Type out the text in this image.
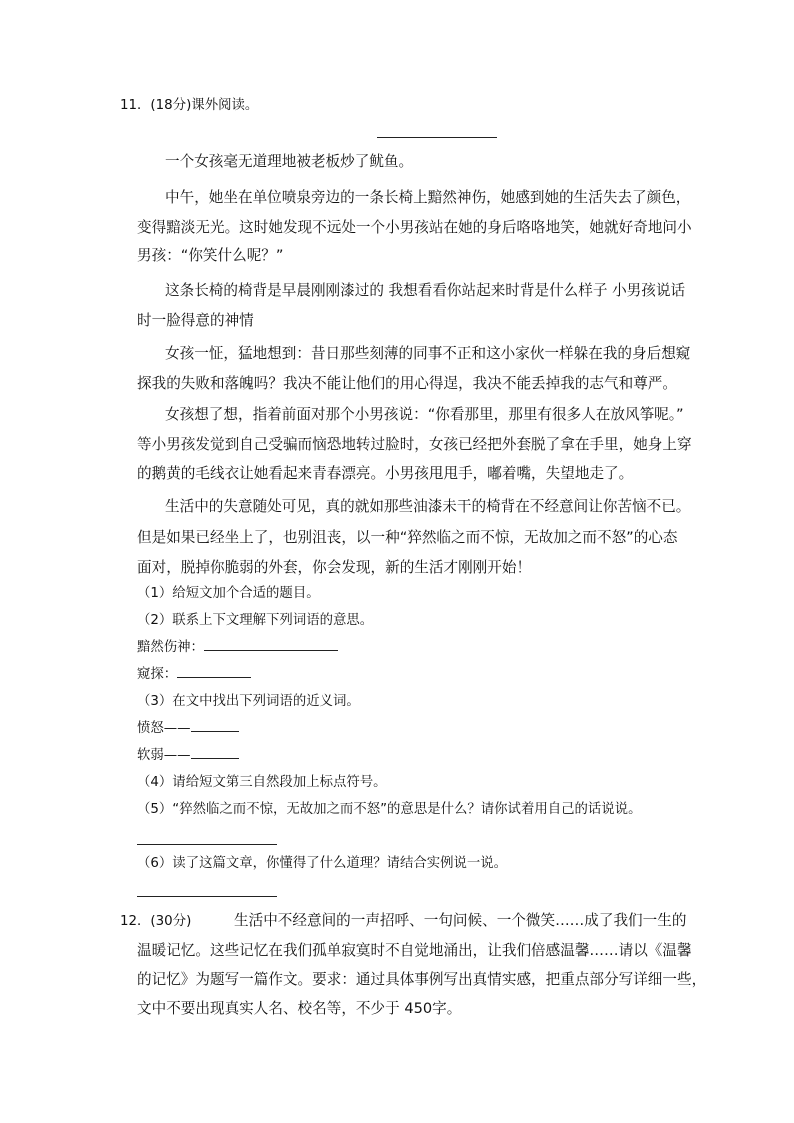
11．(18分)课外阅读。
一个女孩毫无道理地被老板炒了鱿鱼。
中午，她坐在单位喷泉旁边的一条长椅上黯然神伤，她感到她的生活失去了颜色，
变得黯淡无光。这时她发现不远处一个小男孩站在她的身后咯咯地笑，她就好奇地问小
男孩：“你笑什么呢？”
这条长椅的椅背是早晨刚刚漆过的 我想看看你站起来时背是什么样子 小男孩说话
时一脸得意的神情
女孩一怔，猛地想到：昔日那些刻薄的同事不正和这小家伙一样躲在我的身后想窥
探我的失败和落魄吗？我决不能让他们的用心得逞，我决不能丢掉我的志气和尊严。
女孩想了想，指着前面对那个小男孩说：“你看那里，那里有很多人在放风筝呢。”
等小男孩发觉到自己受骗而恼恐地转过脸时，女孩已经把外套脱了拿在手里，她身上穿
的鹅黄的毛线衣让她看起来青春漂亮。小男孩甩甩手，嘟着嘴，失望地走了。
生活中的失意随处可见，真的就如那些油漆未干的椅背在不经意间让你苦恼不已。
但是如果已经坐上了，也别沮丧，以一种“猝然临之而不惊，无故加之而不怒”的心态
面对，脱掉你脆弱的外套，你会发现，新的生活才刚刚开始！
（1）给短文加个合适的题目。
（2）联系上下文理解下列词语的意思。
黯然伤神：
窥探：
（3）在文中找出下列词语的近义词。
愤怒——
软弱——
（4）请给短文第三自然段加上标点符号。
（5）“猝然临之而不惊，无故加之而不怒”的意思是什么？请你试着用自己的话说说。
（6）读了这篇文章，你懂得了什么道理？请结合实例说一说。
12．(30分)	生活中不经意间的一声招呼、一句问候、一个微笑……成了我们一生的
温暖记忆。这些记忆在我们孤单寂寞时不自觉地涌出，让我们倍感温馨……请以《温馨
的记忆》为题写一篇作文。要求：通过具体事例写出真情实感，把重点部分写详细一些，
文中不要出现真实人名、校名等，不少于 450字。
